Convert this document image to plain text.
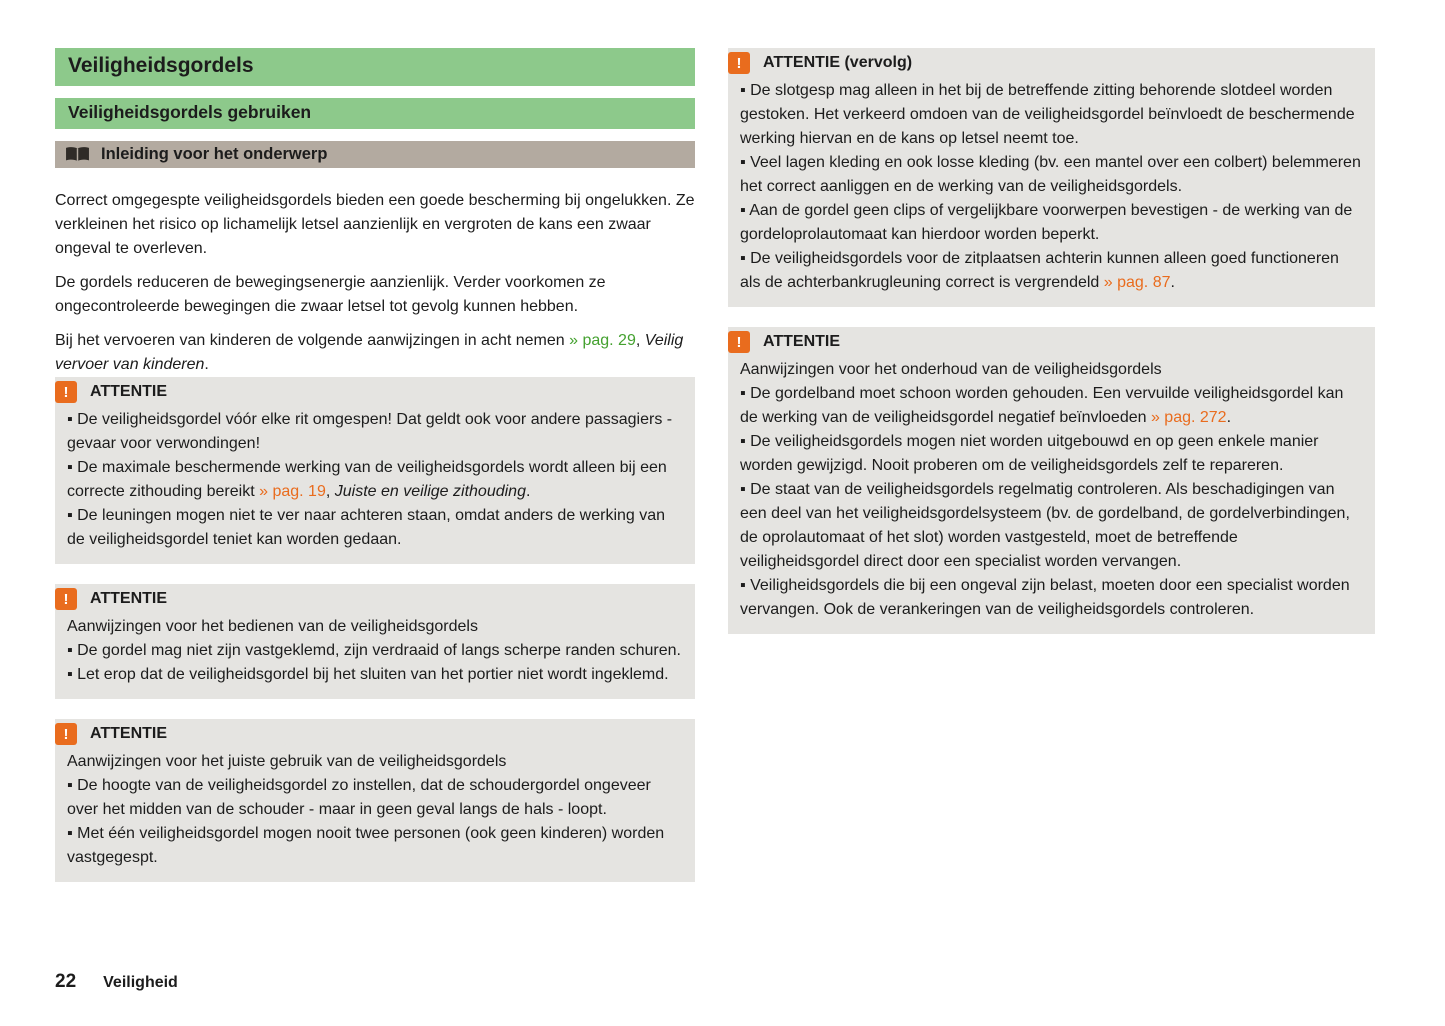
Veiligheidsgordels
Veiligheidsgordels gebruiken
Inleiding voor het onderwerp

Correct omgegespte veiligheidsgordels bieden een goede bescherming bij ongelukken. Ze verkleinen het risico op lichamelijk letsel aanzienlijk en vergroten de kans een zwaar ongeval te overleven.

De gordels reduceren de bewegingsenergie aanzienlijk. Verder voorkomen ze ongecontroleerde bewegingen die zwaar letsel tot gevolg kunnen hebben.

Bij het vervoeren van kinderen de volgende aanwijzingen in acht nemen » pag. 29, Veilig vervoer van kinderen.

!	ATTENTIE

▪ De veiligheidsgordel vóór elke rit omgespen! Dat geldt ook voor andere passagiers - gevaar voor verwondingen!

▪ De maximale beschermende werking van de veiligheidsgordels wordt alleen bij een correcte zithouding bereikt » pag. 19, Juiste en veilige zithouding.

▪ De leuningen mogen niet te ver naar achteren staan, omdat anders de werking van de veiligheidsgordel teniet kan worden gedaan.

!	ATTENTIE

Aanwijzingen voor het bedienen van de veiligheidsgordels

▪ De gordel mag niet zijn vastgeklemd, zijn verdraaid of langs scherpe randen schuren.

▪ Let erop dat de veiligheidsgordel bij het sluiten van het portier niet wordt ingeklemd.

!	ATTENTIE

Aanwijzingen voor het juiste gebruik van de veiligheidsgordels

▪ De hoogte van de veiligheidsgordel zo instellen, dat de schoudergordel ongeveer over het midden van de schouder - maar in geen geval langs de hals - loopt.

▪ Met één veiligheidsgordel mogen nooit twee personen (ook geen kinderen) worden vastgegespt.

!	ATTENTIE (vervolg)

▪ De slotgesp mag alleen in het bij de betreffende zitting behorende slotdeel worden gestoken. Het verkeerd omdoen van de veiligheidsgordel beïnvloedt de beschermende werking hiervan en de kans op letsel neemt toe.

▪ Veel lagen kleding en ook losse kleding (bv. een mantel over een colbert) belemmeren het correct aanliggen en de werking van de veiligheidsgordels.

▪ Aan de gordel geen clips of vergelijkbare voorwerpen bevestigen - de werking van de gordeloprolautomaat kan hierdoor worden beperkt.

▪ De veiligheidsgordels voor de zitplaatsen achterin kunnen alleen goed functioneren als de achterbankrugleuning correct is vergrendeld » pag. 87.

!	ATTENTIE

Aanwijzingen voor het onderhoud van de veiligheidsgordels

▪ De gordelband moet schoon worden gehouden. Een vervuilde veiligheidsgordel kan de werking van de veiligheidsgordel negatief beïnvloeden » pag. 272.

▪ De veiligheidsgordels mogen niet worden uitgebouwd en op geen enkele manier worden gewijzigd. Nooit proberen om de veiligheidsgordels zelf te repareren.

▪ De staat van de veiligheidsgordels regelmatig controleren. Als beschadigingen van een deel van het veiligheidsgordelsysteem (bv. de gordelband, de gordelverbindingen, de oprolautomaat of het slot) worden vastgesteld, moet de betreffende veiligheidsgordel direct door een specialist worden vervangen.

▪ Veiligheidsgordels die bij een ongeval zijn belast, moeten door een specialist worden vervangen. Ook de verankeringen van de veiligheidsgordels controleren.

22 Veiligheid
